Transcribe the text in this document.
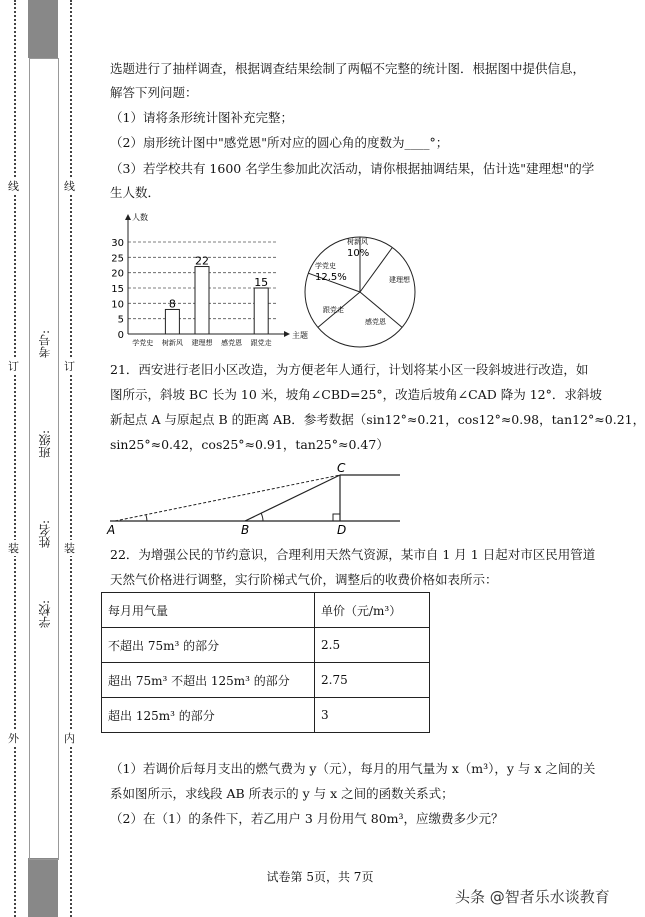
线
订
装
外
线
订
装
内
学校:
姓名:
班级:
考号:
选题进行了抽样调查，根据调查结果绘制了两幅不完整的统计图．根据图中提供信息，
解答下列问题：
（1）请将条形统计图补充完整；
（2）扇形统计图中"感党恩"所对应的圆心角的度数为____°；
（3）若学校共有 1600 名学生参加此次活动，请你根据抽调结果，估计选"建理想"的学
生人数．
0
5
10
15
20
25
30
人数
主题
学党史 树新风
8
建理想
22
感党恩 跟党走
15
树新风
10%
建理想
感党恩
跟党走
学党史
12.5%
21．西安进行老旧小区改造，为方便老年人通行，计划将某小区一段斜坡进行改造，如
图所示，斜坡 BC 长为 10 米，坡角∠CBD=25°，改造后坡角∠CAD 降为 12°．求斜坡
新起点 A 与原起点 B 的距离 AB．参考数据（sin12°≈0.21，cos12°≈0.98，tan12°≈0.21，
sin25°≈0.42，cos25°≈0.91，tan25°≈0.47）
A	B
C
D
22．为增强公民的节约意识，合理利用天然气资源，某市自 1 月 1 日起对市区民用管道
天然气价格进行调整，实行阶梯式气价，调整后的收费价格如表所示：
每月用气量	单价（元/m³）
不超出 75m³ 的部分	2.5
超出 75m³ 不超出 125m³ 的部分	2.75
超出 125m³ 的部分	3
（1）若调价后每月支出的燃气费为 y（元），每月的用气量为 x（m³），y 与 x 之间的关
系如图所示，求线段 AB 所表示的 y 与 x 之间的函数关系式；
（2）在（1）的条件下，若乙用户 3 月份用气 80m³，应缴费多少元？
试卷第 5页，共 7页
头条 @智者乐水谈教育
